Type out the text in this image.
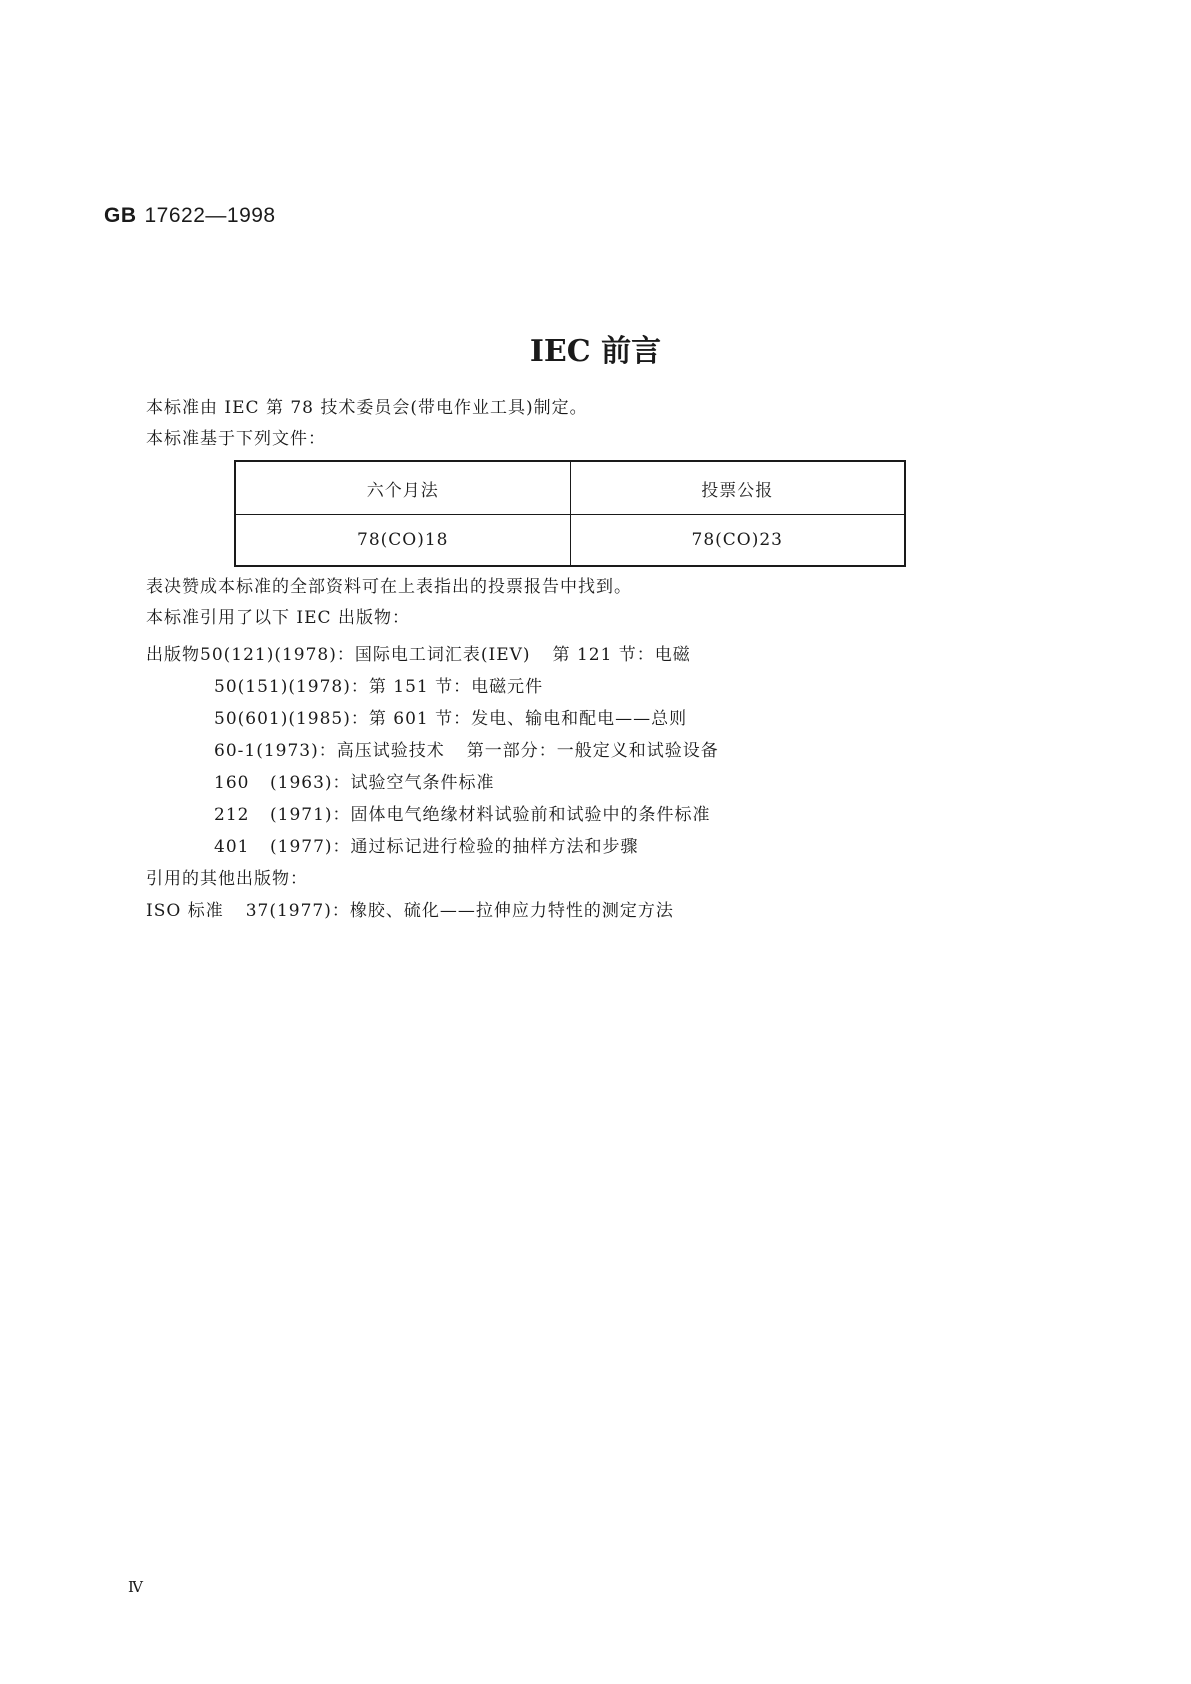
GB 17622—1998
IEC 前言
本标准由 IEC 第 78 技术委员会(带电作业工具)制定。
本标准基于下列文件：
六个月法	投票公报
78(CO)18	78(CO)23
表决赞成本标准的全部资料可在上表指出的投票报告中找到。
本标准引用了以下 IEC 出版物：
出版物50(121)(1978)：国际电工词汇表(IEV) 第 121 节：电磁
50(151)(1978)：第 151 节：电磁元件
50(601)(1985)：第 601 节：发电、输电和配电——总则
60-1(1973)：高压试验技术 第一部分：一般定义和试验设备
160 (1963)：试验空气条件标准
212 (1971)：固体电气绝缘材料试验前和试验中的条件标准
401 (1977)：通过标记进行检验的抽样方法和步骤
引用的其他出版物：
ISO 标准 37(1977)：橡胶、硫化——拉伸应力特性的测定方法
Ⅳ
